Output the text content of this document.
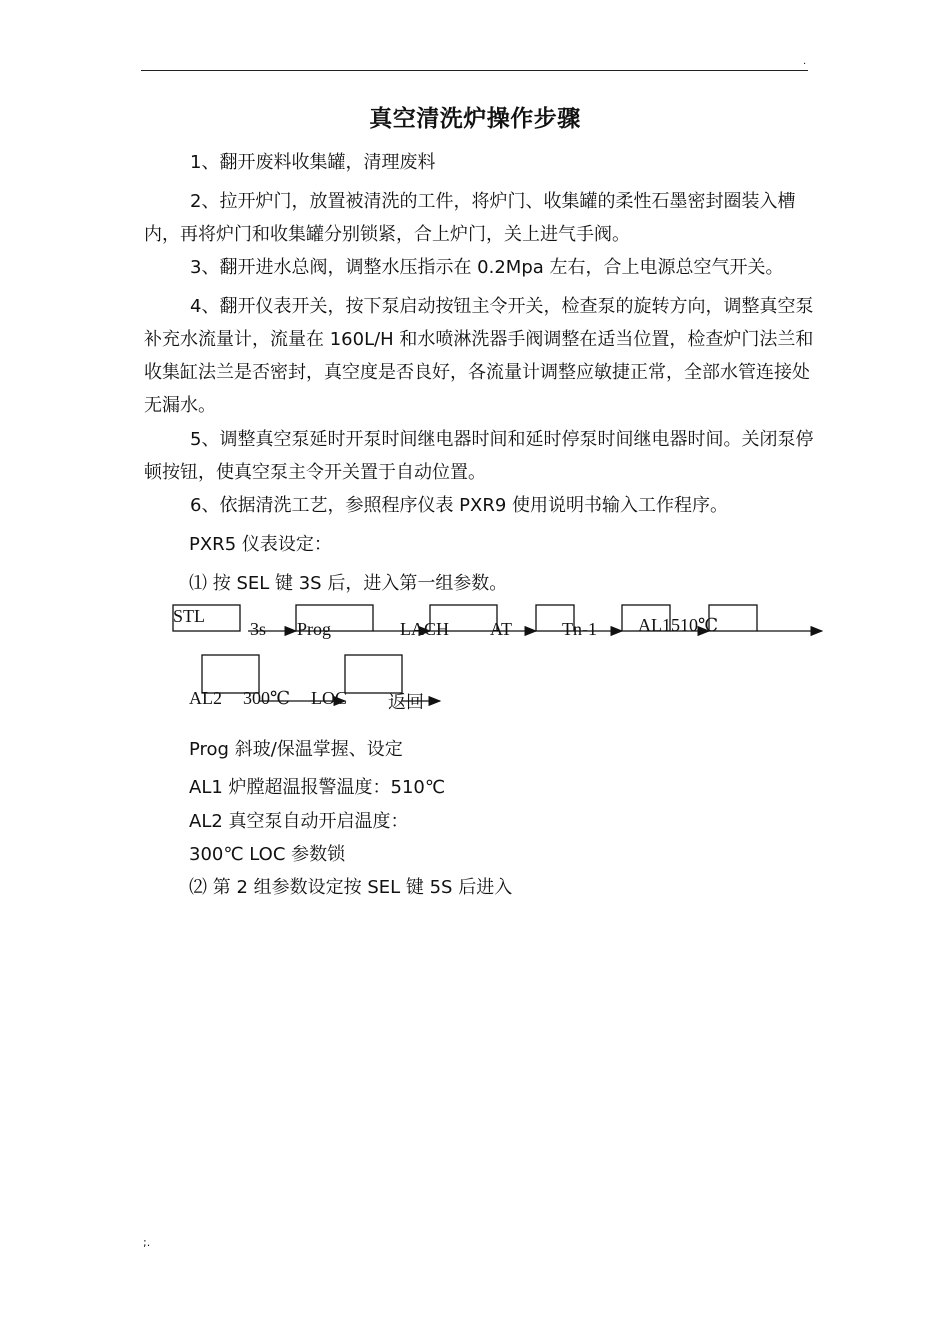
.
真空清洗炉操作步骤

1、翻开废料收集罐，清理废料

2、拉开炉门，放置被清洗的工件，将炉门、收集罐的柔性石墨密封圈装入槽内，再将炉门和收集罐分别锁紧，合上炉门，关上进气手阀。

3、翻开进水总阀，调整水压指示在 0.2Mpa 左右，合上电源总空气开关。

4、翻开仪表开关，按下泵启动按钮主令开关，检查泵的旋转方向，调整真空泵补充水流量计，流量在 160L/H 和水喷淋洗器手阀调整在适当位置，检查炉门法兰和收集缸法兰是否密封，真空度是否良好，各流量计调整应敏捷正常，全部水管连接处无漏水。

5、调整真空泵延时开泵时间继电器时间和延时停泵时间继电器时间。关闭泵停顿按钮，使真空泵主令开关置于自动位置。

6、依据清洗工艺，参照程序仪表 PXR9 使用说明书输入工作程序。

PXR5 仪表设定：
⑴ 按 SEL 键 3S 后，进入第一组参数。
STL
3s Prog	LACH AT	Tn-1 AL1510℃
AL2 300℃ LOC 返回
Prog 斜玻/保温掌握、设定
AL1 炉膛超温报警温度：510℃
AL2 真空泵自动开启温度：
300℃ LOC 参数锁
⑵ 第 2 组参数设定按 SEL 键 5S 后进入
;.
